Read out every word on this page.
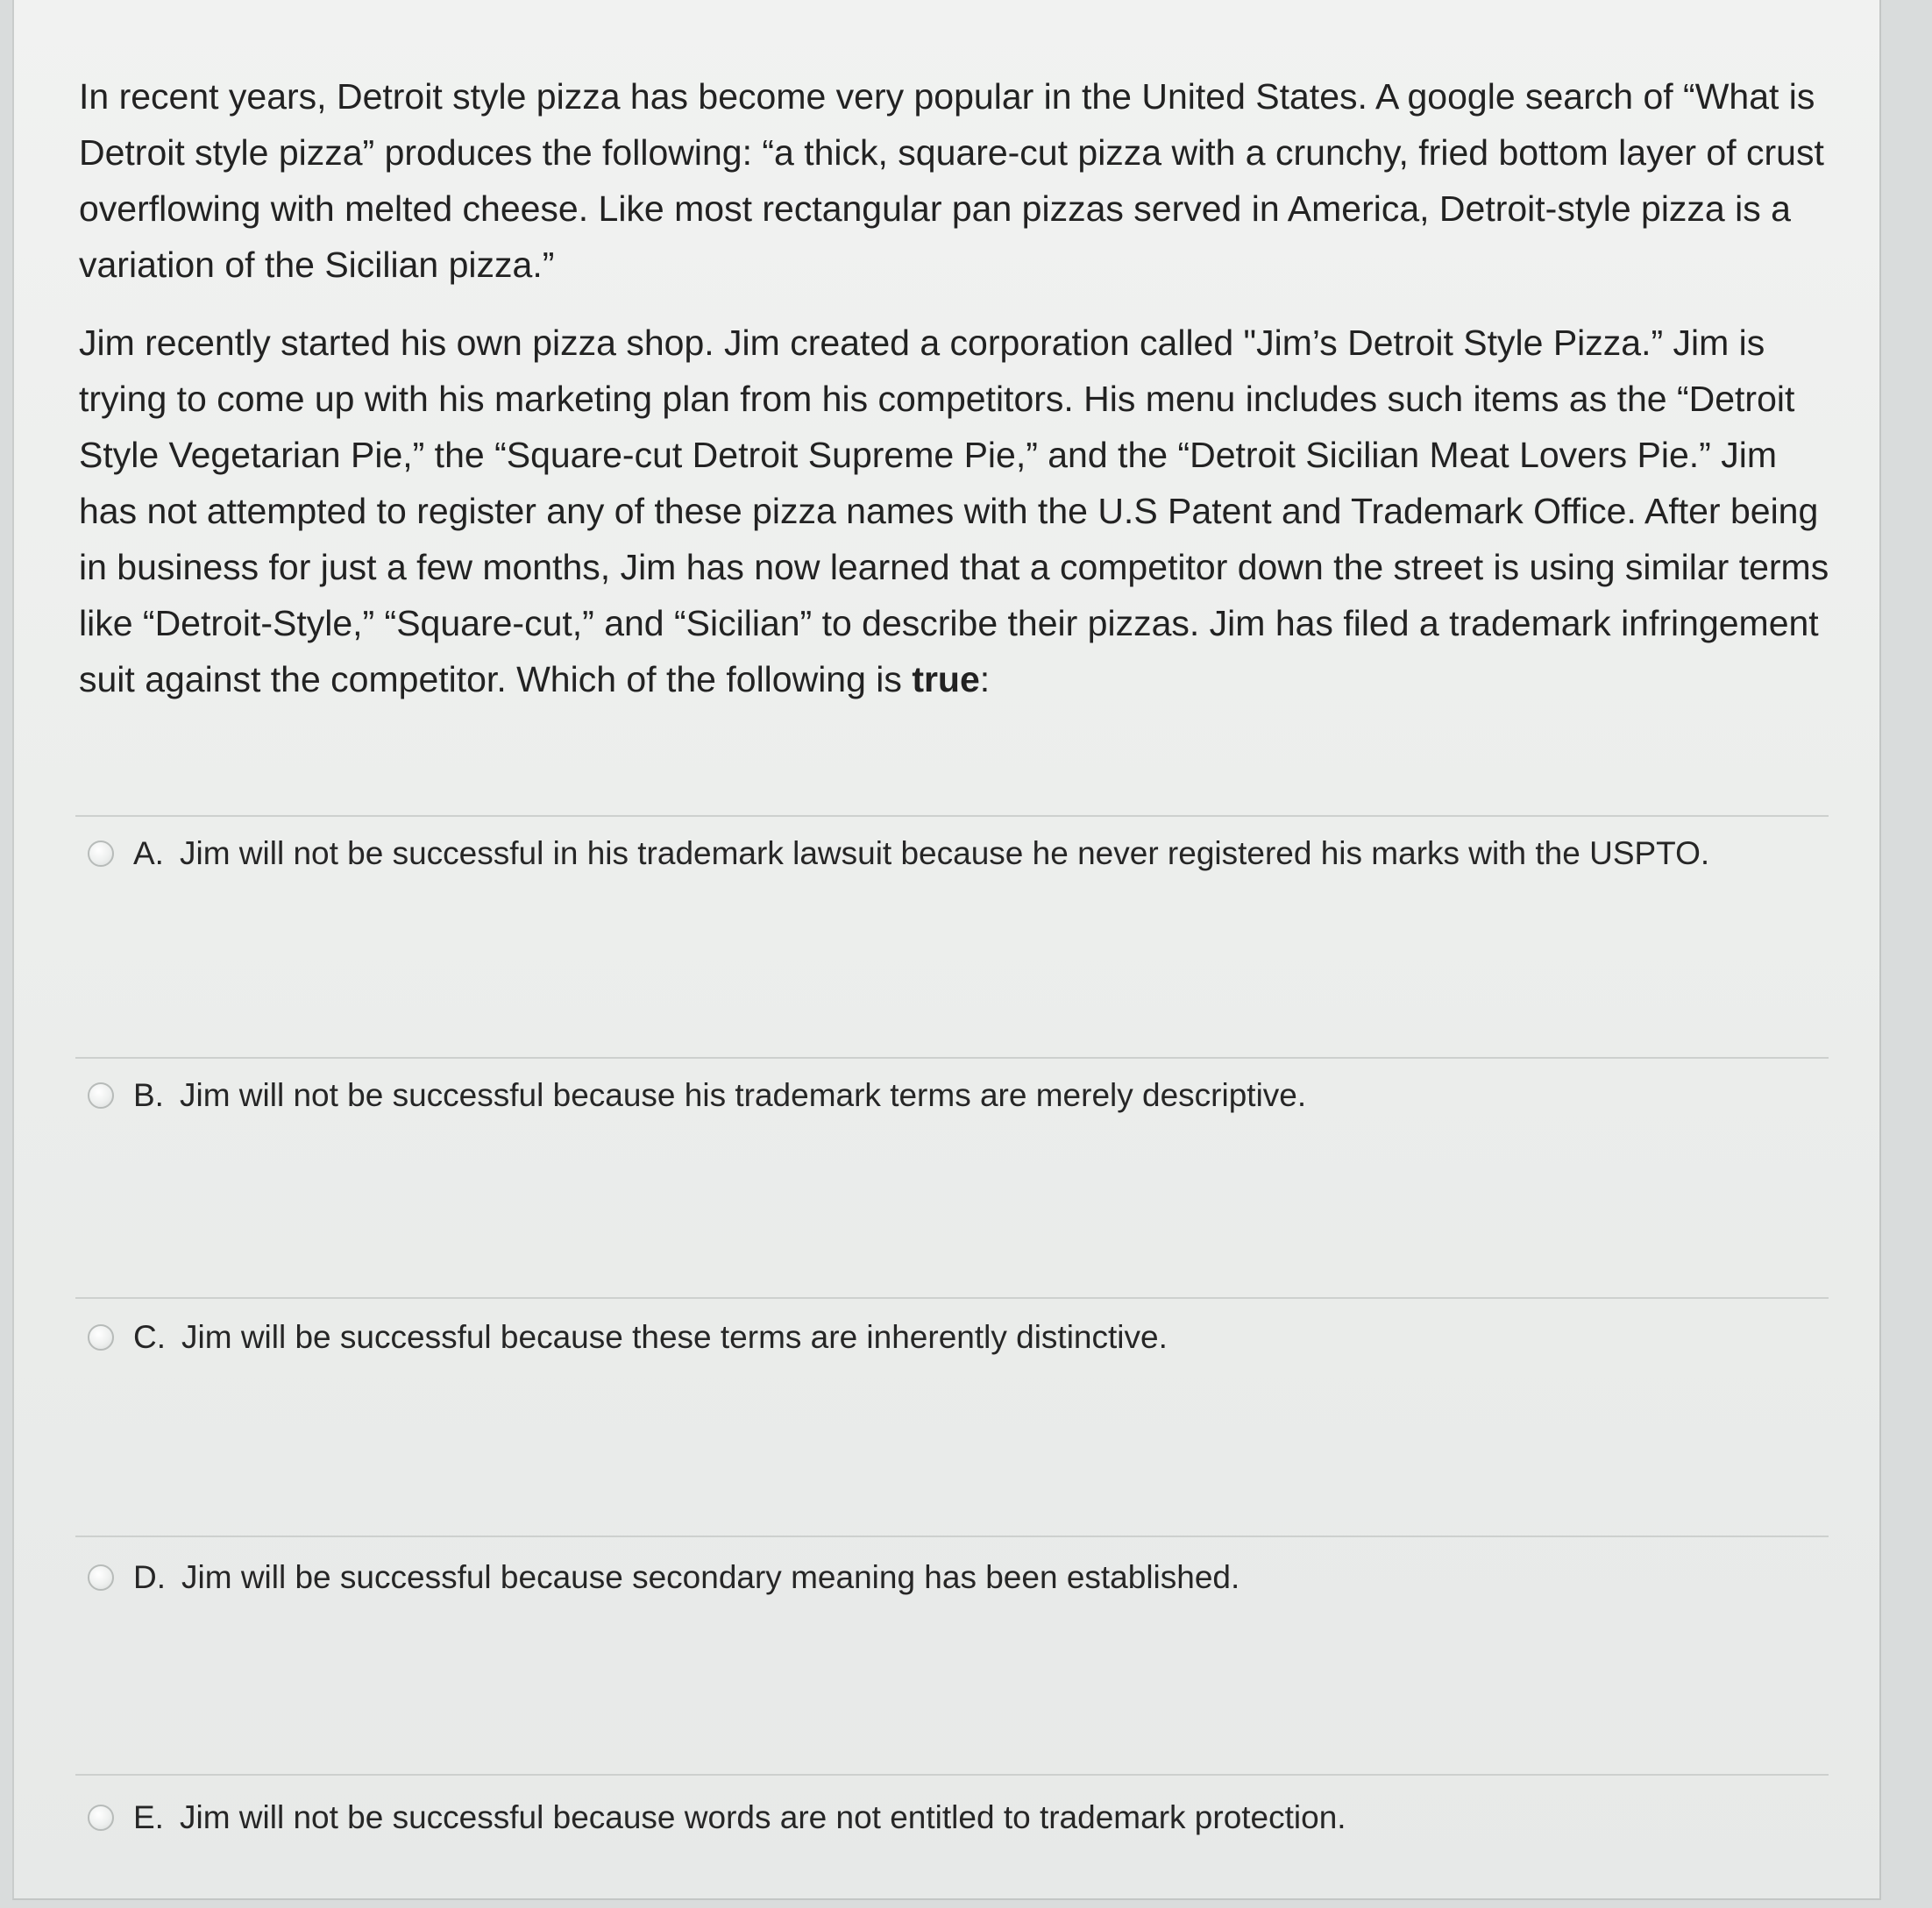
In recent years, Detroit style pizza has become very popular in the United States. A google search of “What is Detroit style pizza” produces the following: “a thick, square-cut pizza with a crunchy, fried bottom layer of crust overflowing with melted cheese. Like most rectangular pan pizzas served in America, Detroit-style pizza is a variation of the Sicilian pizza.”

Jim recently started his own pizza shop. Jim created a corporation called "Jim’s Detroit Style Pizza.” Jim is trying to come up with his marketing plan from his competitors. His menu includes such items as the “Detroit Style Vegetarian Pie,” the “Square-cut Detroit Supreme Pie,” and the “Detroit Sicilian Meat Lovers Pie.” Jim has not attempted to register any of these pizza names with the U.S Patent and Trademark Office. After being in business for just a few months, Jim has now learned that a competitor down the street is using similar terms like “Detroit-Style,” “Square-cut,” and “Sicilian” to describe their pizzas. Jim has filed a trademark infringement suit against the competitor. Which of the following is true:

A. Jim will not be successful in his trademark lawsuit because he never registered his marks with the USPTO.
B. Jim will not be successful because his trademark terms are merely descriptive.
C. Jim will be successful because these terms are inherently distinctive.
D. Jim will be successful because secondary meaning has been established.
E. Jim will not be successful because words are not entitled to trademark protection.
